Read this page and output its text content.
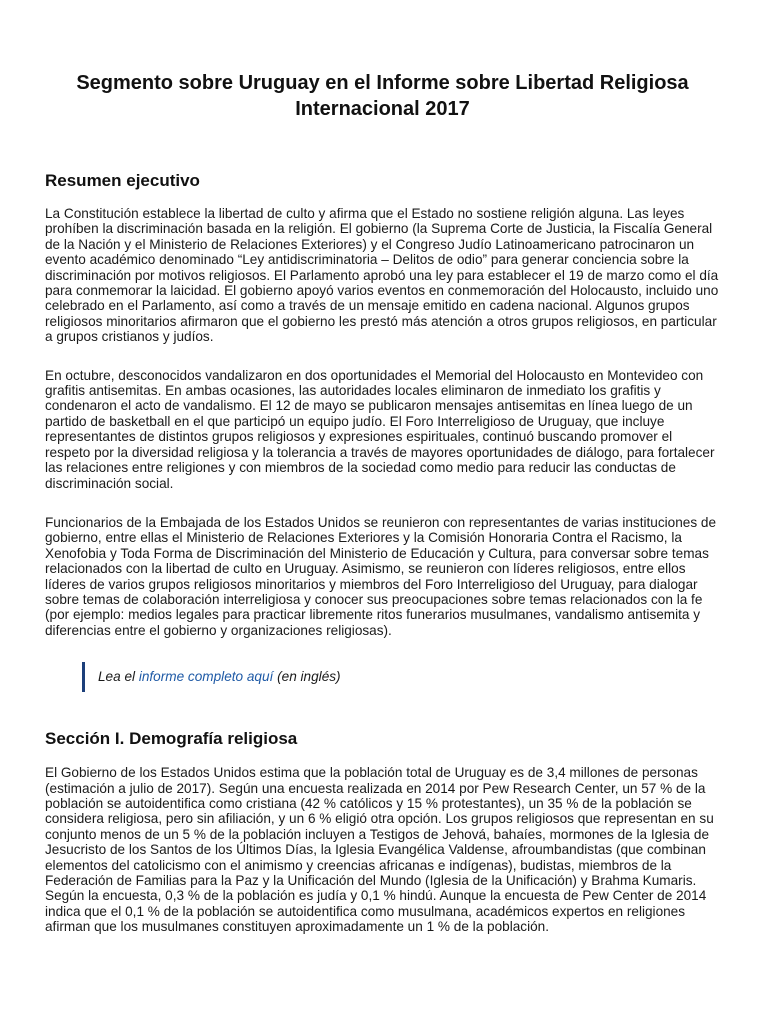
Segmento sobre Uruguay en el Informe sobre Libertad Religiosa Internacional 2017
Resumen ejecutivo

La Constitución establece la libertad de culto y afirma que el Estado no sostiene religión alguna. Las leyes prohíben la discriminación basada en la religión. El gobierno (la Suprema Corte de Justicia, la Fiscalía General de la Nación y el Ministerio de Relaciones Exteriores) y el Congreso Judío Latinoamericano patrocinaron un evento académico denominado “Ley antidiscriminatoria – Delitos de odio” para generar conciencia sobre la discriminación por motivos religiosos. El Parlamento aprobó una ley para establecer el 19 de marzo como el día para conmemorar la laicidad. El gobierno apoyó varios eventos en conmemoración del Holocausto, incluido uno celebrado en el Parlamento, así como a través de un mensaje emitido en cadena nacional. Algunos grupos religiosos minoritarios afirmaron que el gobierno les prestó más atención a otros grupos religiosos, en particular a grupos cristianos y judíos.

En octubre, desconocidos vandalizaron en dos oportunidades el Memorial del Holocausto en Montevideo con grafitis antisemitas. En ambas ocasiones, las autoridades locales eliminaron de inmediato los grafitis y condenaron el acto de vandalismo. El 12 de mayo se publicaron mensajes antisemitas en línea luego de un partido de basketball en el que participó un equipo judío. El Foro Interreligioso de Uruguay, que incluye representantes de distintos grupos religiosos y expresiones espirituales, continuó buscando promover el respeto por la diversidad religiosa y la tolerancia a través de mayores oportunidades de diálogo, para fortalecer las relaciones entre religiones y con miembros de la sociedad como medio para reducir las conductas de discriminación social.

Funcionarios de la Embajada de los Estados Unidos se reunieron con representantes de varias instituciones de gobierno, entre ellas el Ministerio de Relaciones Exteriores y la Comisión Honoraria Contra el Racismo, la Xenofobia y Toda Forma de Discriminación del Ministerio de Educación y Cultura, para conversar sobre temas relacionados con la libertad de culto en Uruguay. Asimismo, se reunieron con líderes religiosos, entre ellos líderes de varios grupos religiosos minoritarios y miembros del Foro Interreligioso del Uruguay, para dialogar sobre temas de colaboración interreligiosa y conocer sus preocupaciones sobre temas relacionados con la fe (por ejemplo: medios legales para practicar libremente ritos funerarios musulmanes, vandalismo antisemita y diferencias entre el gobierno y organizaciones religiosas).

Lea el informe completo aquí (en inglés)
Sección I. Demografía religiosa

El Gobierno de los Estados Unidos estima que la población total de Uruguay es de 3,4 millones de personas (estimación a julio de 2017). Según una encuesta realizada en 2014 por Pew Research Center, un 57 % de la población se autoidentifica como cristiana (42 % católicos y 15 % protestantes), un 35 % de la población se considera religiosa, pero sin afiliación, y un 6 % eligió otra opción. Los grupos religiosos que representan en su conjunto menos de un 5 % de la población incluyen a Testigos de Jehová, bahaíes, mormones de la Iglesia de Jesucristo de los Santos de los Últimos Días, la Iglesia Evangélica Valdense, afroumbandistas (que combinan elementos del catolicismo con el animismo y creencias africanas e indígenas), budistas, miembros de la Federación de Familias para la Paz y la Unificación del Mundo (Iglesia de la Unificación) y Brahma Kumaris. Según la encuesta, 0,3 % de la población es judía y 0,1 % hindú. Aunque la encuesta de Pew Center de 2014 indica que el 0,1 % de la población se autoidentifica como musulmana, académicos expertos en religiones afirman que los musulmanes constituyen aproximadamente un 1 % de la población.
